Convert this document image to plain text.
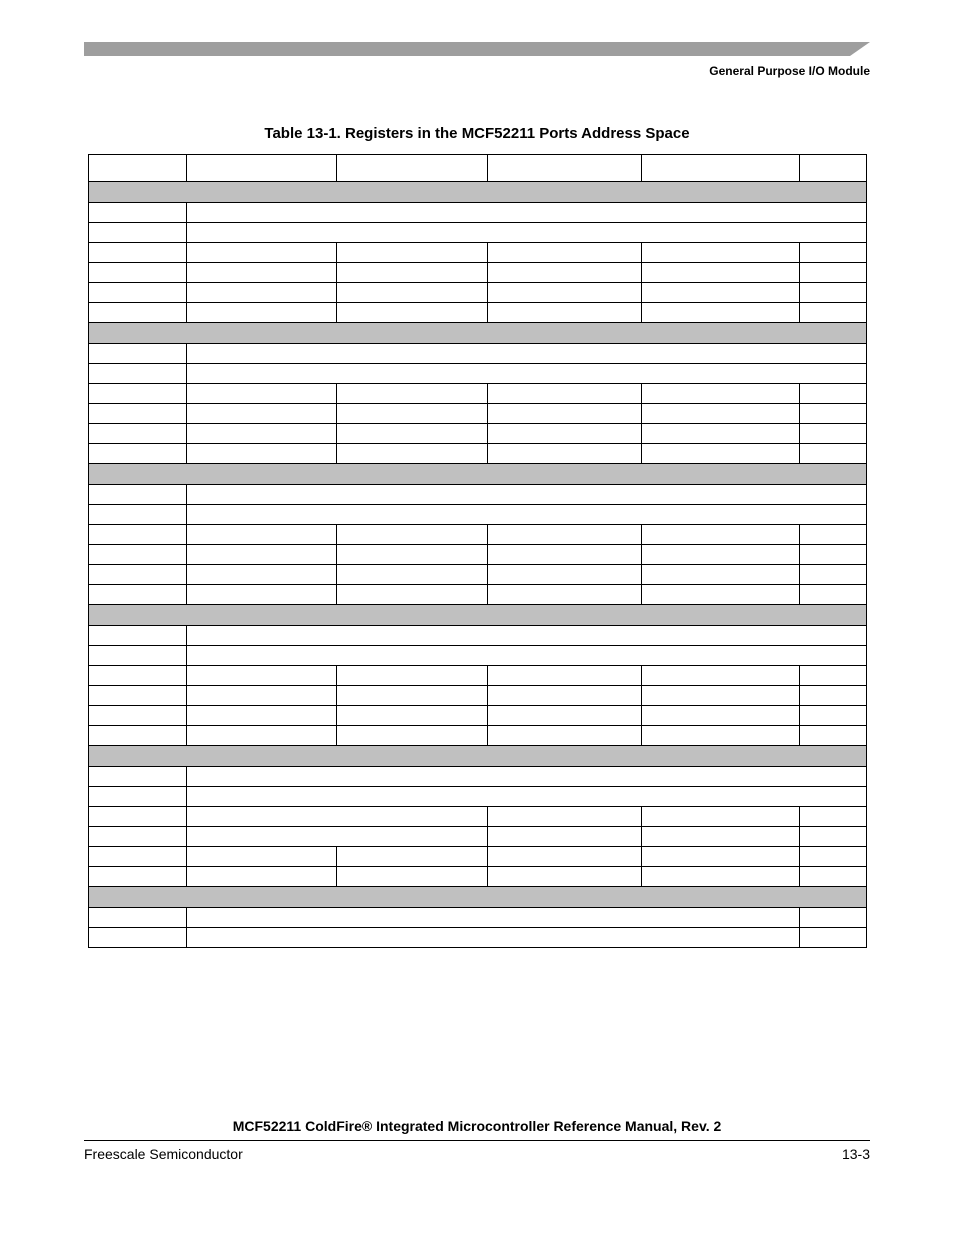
General Purpose I/O Module
Table 13-1. Registers in the MCF52211 Ports Address Space

MCF52211 ColdFire® Integrated Microcontroller Reference Manual, Rev. 2
Freescale Semiconductor	13-3
